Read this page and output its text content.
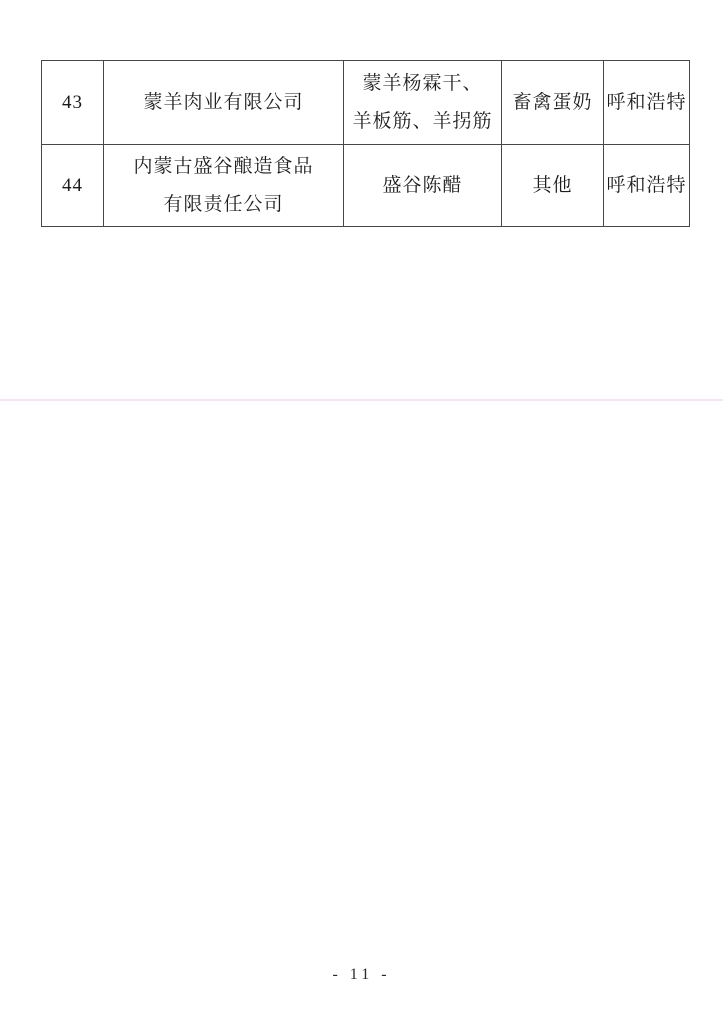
43	蒙羊肉业有限公司	蒙羊杨霖干、
羊板筋、羊拐筋	畜禽蛋奶	呼和浩特

44	内蒙古盛谷酿造食品
有限责任公司	盛谷陈醋	其他	呼和浩特
- 11 -
